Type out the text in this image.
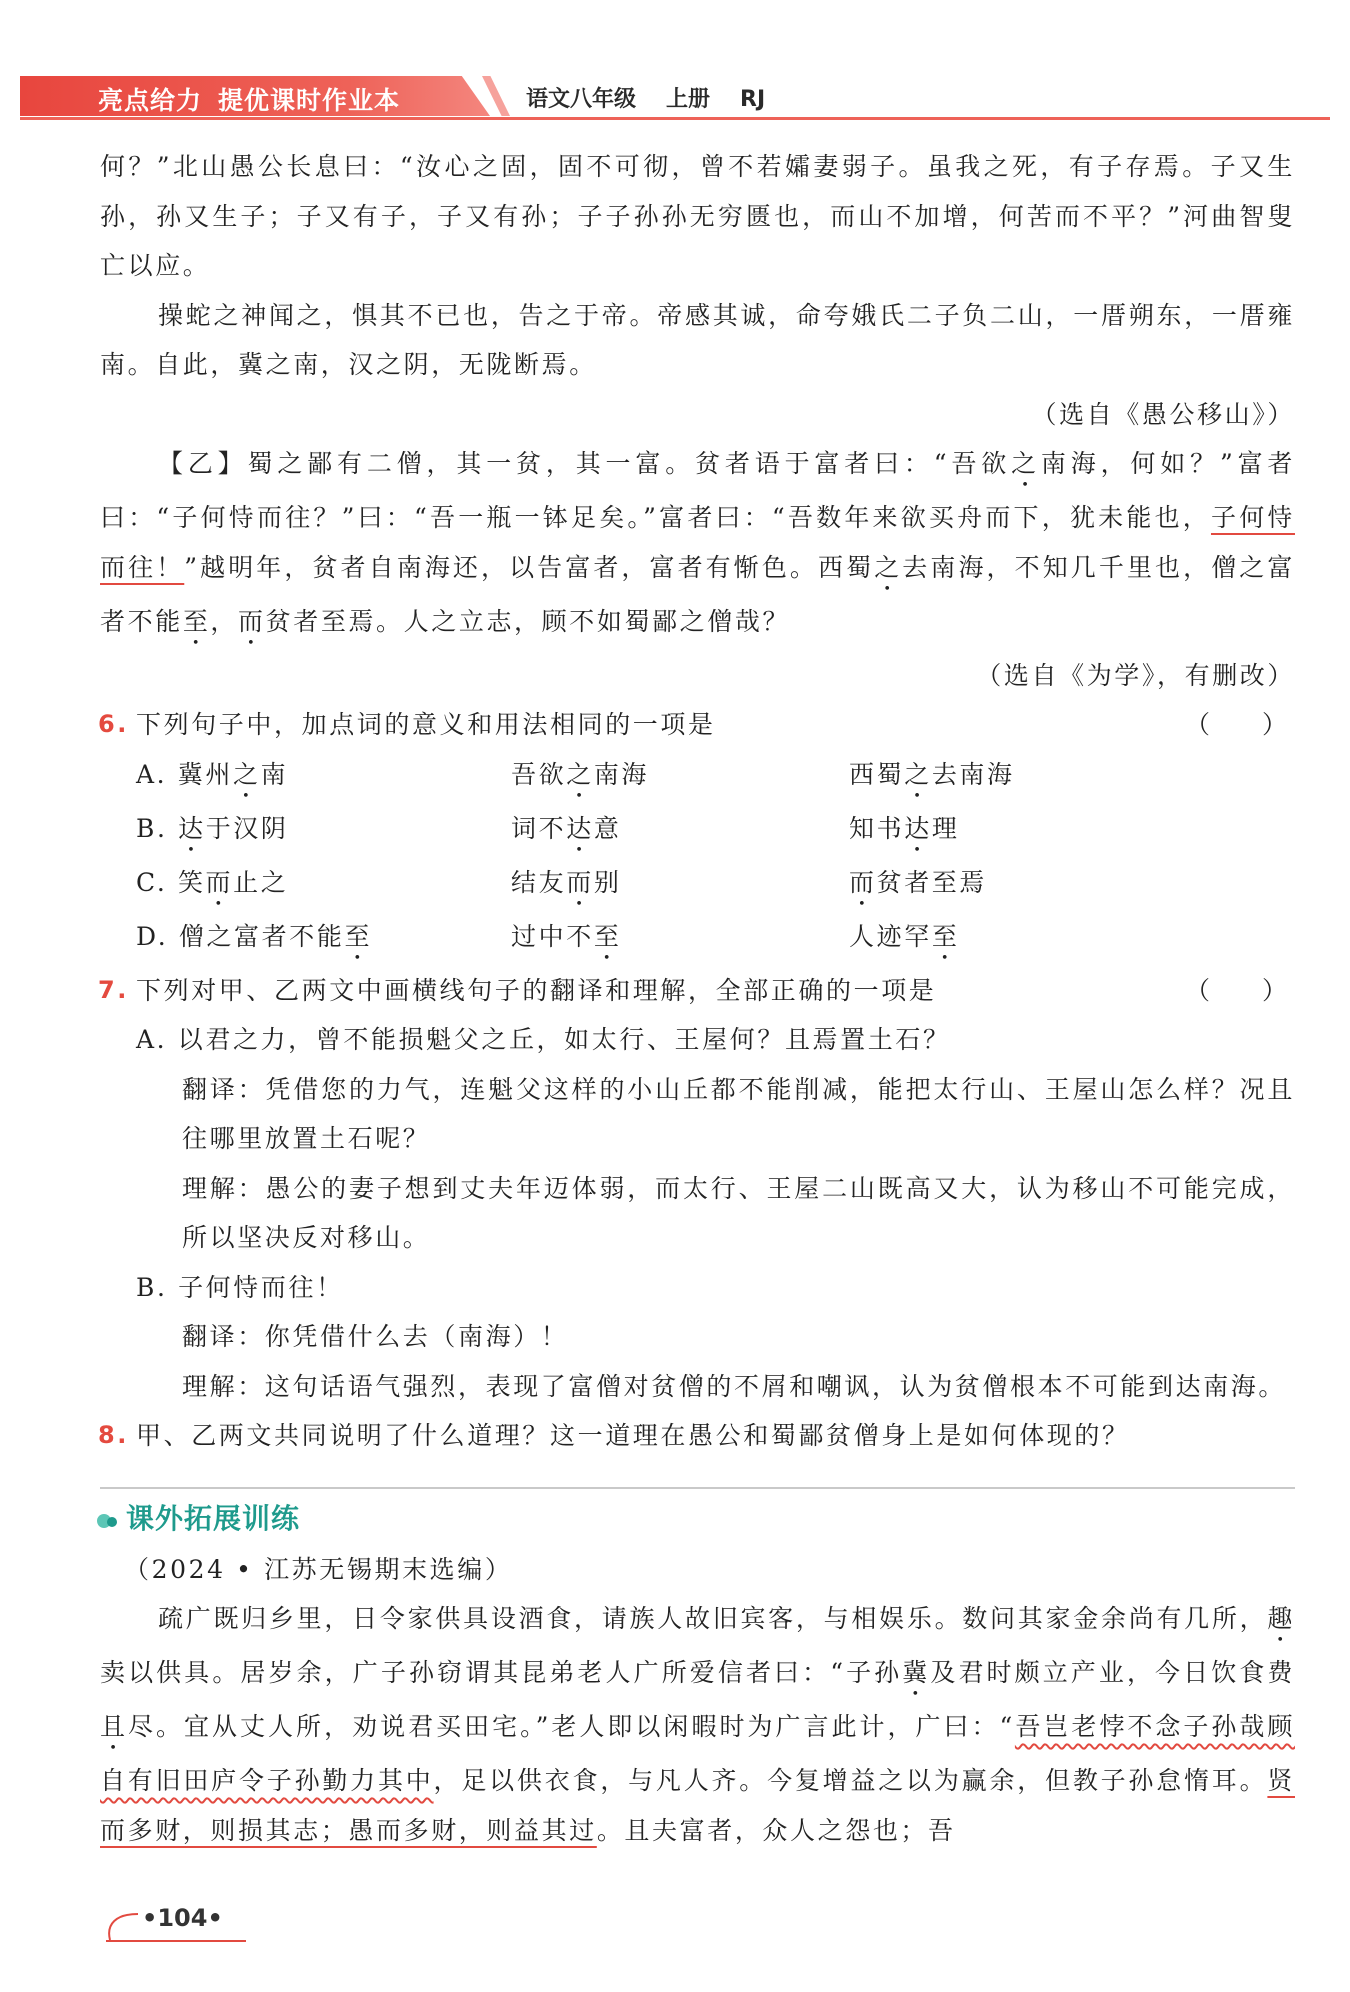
亮点给力 提优课时作业本	语文八年级 上册 RJ

何？”北山愚公长息曰：“汝心之固，固不可彻，曾不若孀妻弱子。虽我之死，有子存焉。子又生孙，孙又生子；子又有子，子又有孙；子子孙孙无穷匮也，而山不加增，何苦而不平？”河曲智叟亡以应。

操蛇之神闻之，惧其不已也，告之于帝。帝感其诚，命夸娥氏二子负二山，一厝朔东，一厝雍南。自此，冀之南，汉之阴，无陇断焉。

（选自《愚公移山》）

【乙】蜀之鄙有二僧，其一贫，其一富。贫者语于富者曰：“吾欲之南海，何如？”富者曰：“子何恃而往？”曰：“吾一瓶一钵足矣。”富者曰：“吾数年来欲买舟而下，犹未能也，子何恃而往！”越明年，贫者自南海还，以告富者，富者有惭色。西蜀之去南海，不知几千里也，僧之富者不能至，而贫者至焉。人之立志，顾不如蜀鄙之僧哉？

（选自《为学》，有删改）

6. 下列句子中，加点词的意义和用法相同的一项是	（ ）
A. 冀州之南	吾欲之南海	西蜀之去南海
B. 达于汉阴	词不达意	知书达理
C. 笑而止之	结友而别	而贫者至焉
D. 僧之富者不能至	过中不至	人迹罕至
7. 下列对甲、乙两文中画横线句子的翻译和理解，全部正确的一项是	（ ）

A. 以君之力，曾不能损魁父之丘，如太行、王屋何？且焉置土石？

翻译：凭借您的力气，连魁父这样的小山丘都不能削减，能把太行山、王屋山怎么样？况且往哪里放置土石呢？

理解：愚公的妻子想到丈夫年迈体弱，而太行、王屋二山既高又大，认为移山不可能完成，所以坚决反对移山。

B. 子何恃而往！

翻译：你凭借什么去（南海）！

理解：这句话语气强烈，表现了富僧对贫僧的不屑和嘲讽，认为贫僧根本不可能到达南海。

8. 甲、乙两文共同说明了什么道理？这一道理在愚公和蜀鄙贫僧身上是如何体现的？
课外拓展训练

（2024 • 江苏无锡期末选编）

疏广既归乡里，日令家供具设酒食，请族人故旧宾客，与相娱乐。数问其家金余尚有几所，趣卖以供具。居岁余，广子孙窃谓其昆弟老人广所爱信者曰：“子孙冀及君时颇立产业，今日饮食费且尽。宜从丈人所，劝说君买田宅。”老人即以闲暇时为广言此计，广曰：“吾岂老悖不念子孙哉顾自有旧田庐令子孙勤力其中，足以供衣食，与凡人齐。今复增益之以为赢余，但教子孙怠惰耳。贤而多财，则损其志；愚而多财，则益其过。且夫富者，众人之怨也；吾

•104•
